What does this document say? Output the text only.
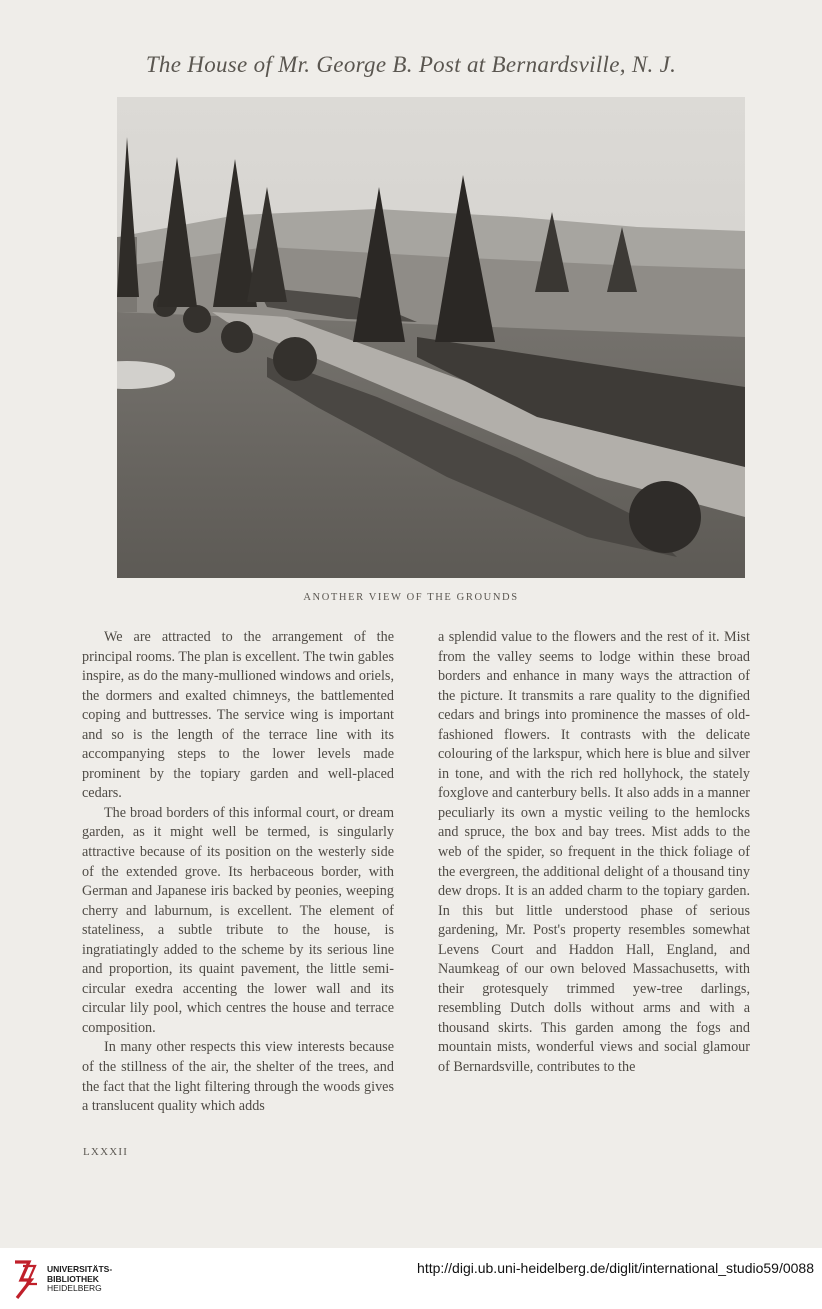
The House of Mr. George B. Post at Bernardsville, N. J.
ANOTHER VIEW OF THE GROUNDS

We are attracted to the arrangement of the principal rooms. The plan is excellent. The twin gables inspire, as do the many-mullioned windows and oriels, the dormers and exalted chimneys, the battlemented coping and buttresses. The service wing is important and so is the length of the terrace line with its accompanying steps to the lower levels made prominent by the topiary garden and well-placed cedars.

The broad borders of this informal court, or dream garden, as it might well be termed, is singularly attractive because of its position on the westerly side of the extended grove. Its herbaceous border, with German and Japanese iris backed by peonies, weeping cherry and laburnum, is excellent. The element of stateliness, a subtle tribute to the house, is ingratiatingly added to the scheme by its serious line and proportion, its quaint pavement, the little semi-circular exedra accenting the lower wall and its circular lily pool, which centres the house and terrace composition.

In many other respects this view interests because of the stillness of the air, the shelter of the trees, and the fact that the light filtering through the woods gives a translucent quality which adds

a splendid value to the flowers and the rest of it. Mist from the valley seems to lodge within these broad borders and enhance in many ways the attraction of the picture. It transmits a rare quality to the dignified cedars and brings into prominence the masses of old-fashioned flowers. It contrasts with the delicate colouring of the larkspur, which here is blue and silver in tone, and with the rich red hollyhock, the stately foxglove and canterbury bells. It also adds in a manner peculiarly its own a mystic veiling to the hemlocks and spruce, the box and bay trees. Mist adds to the web of the spider, so frequent in the thick foliage of the evergreen, the additional delight of a thousand tiny dew drops. It is an added charm to the topiary garden. In this but little understood phase of serious gardening, Mr. Post's property resembles somewhat Levens Court and Haddon Hall, England, and Naumkeag of our own beloved Massachusetts, with their grotesquely trimmed yew-tree darlings, resembling Dutch dolls without arms and with a thousand skirts. This garden among the fogs and mountain mists, wonderful views and social glamour of Bernardsville, contributes to the

LXXXII
UNIVERSITÄTS-
BIBLIOTHEK
HEIDELBERG
http://digi.ub.uni-heidelberg.de/diglit/international_studio59/0088
